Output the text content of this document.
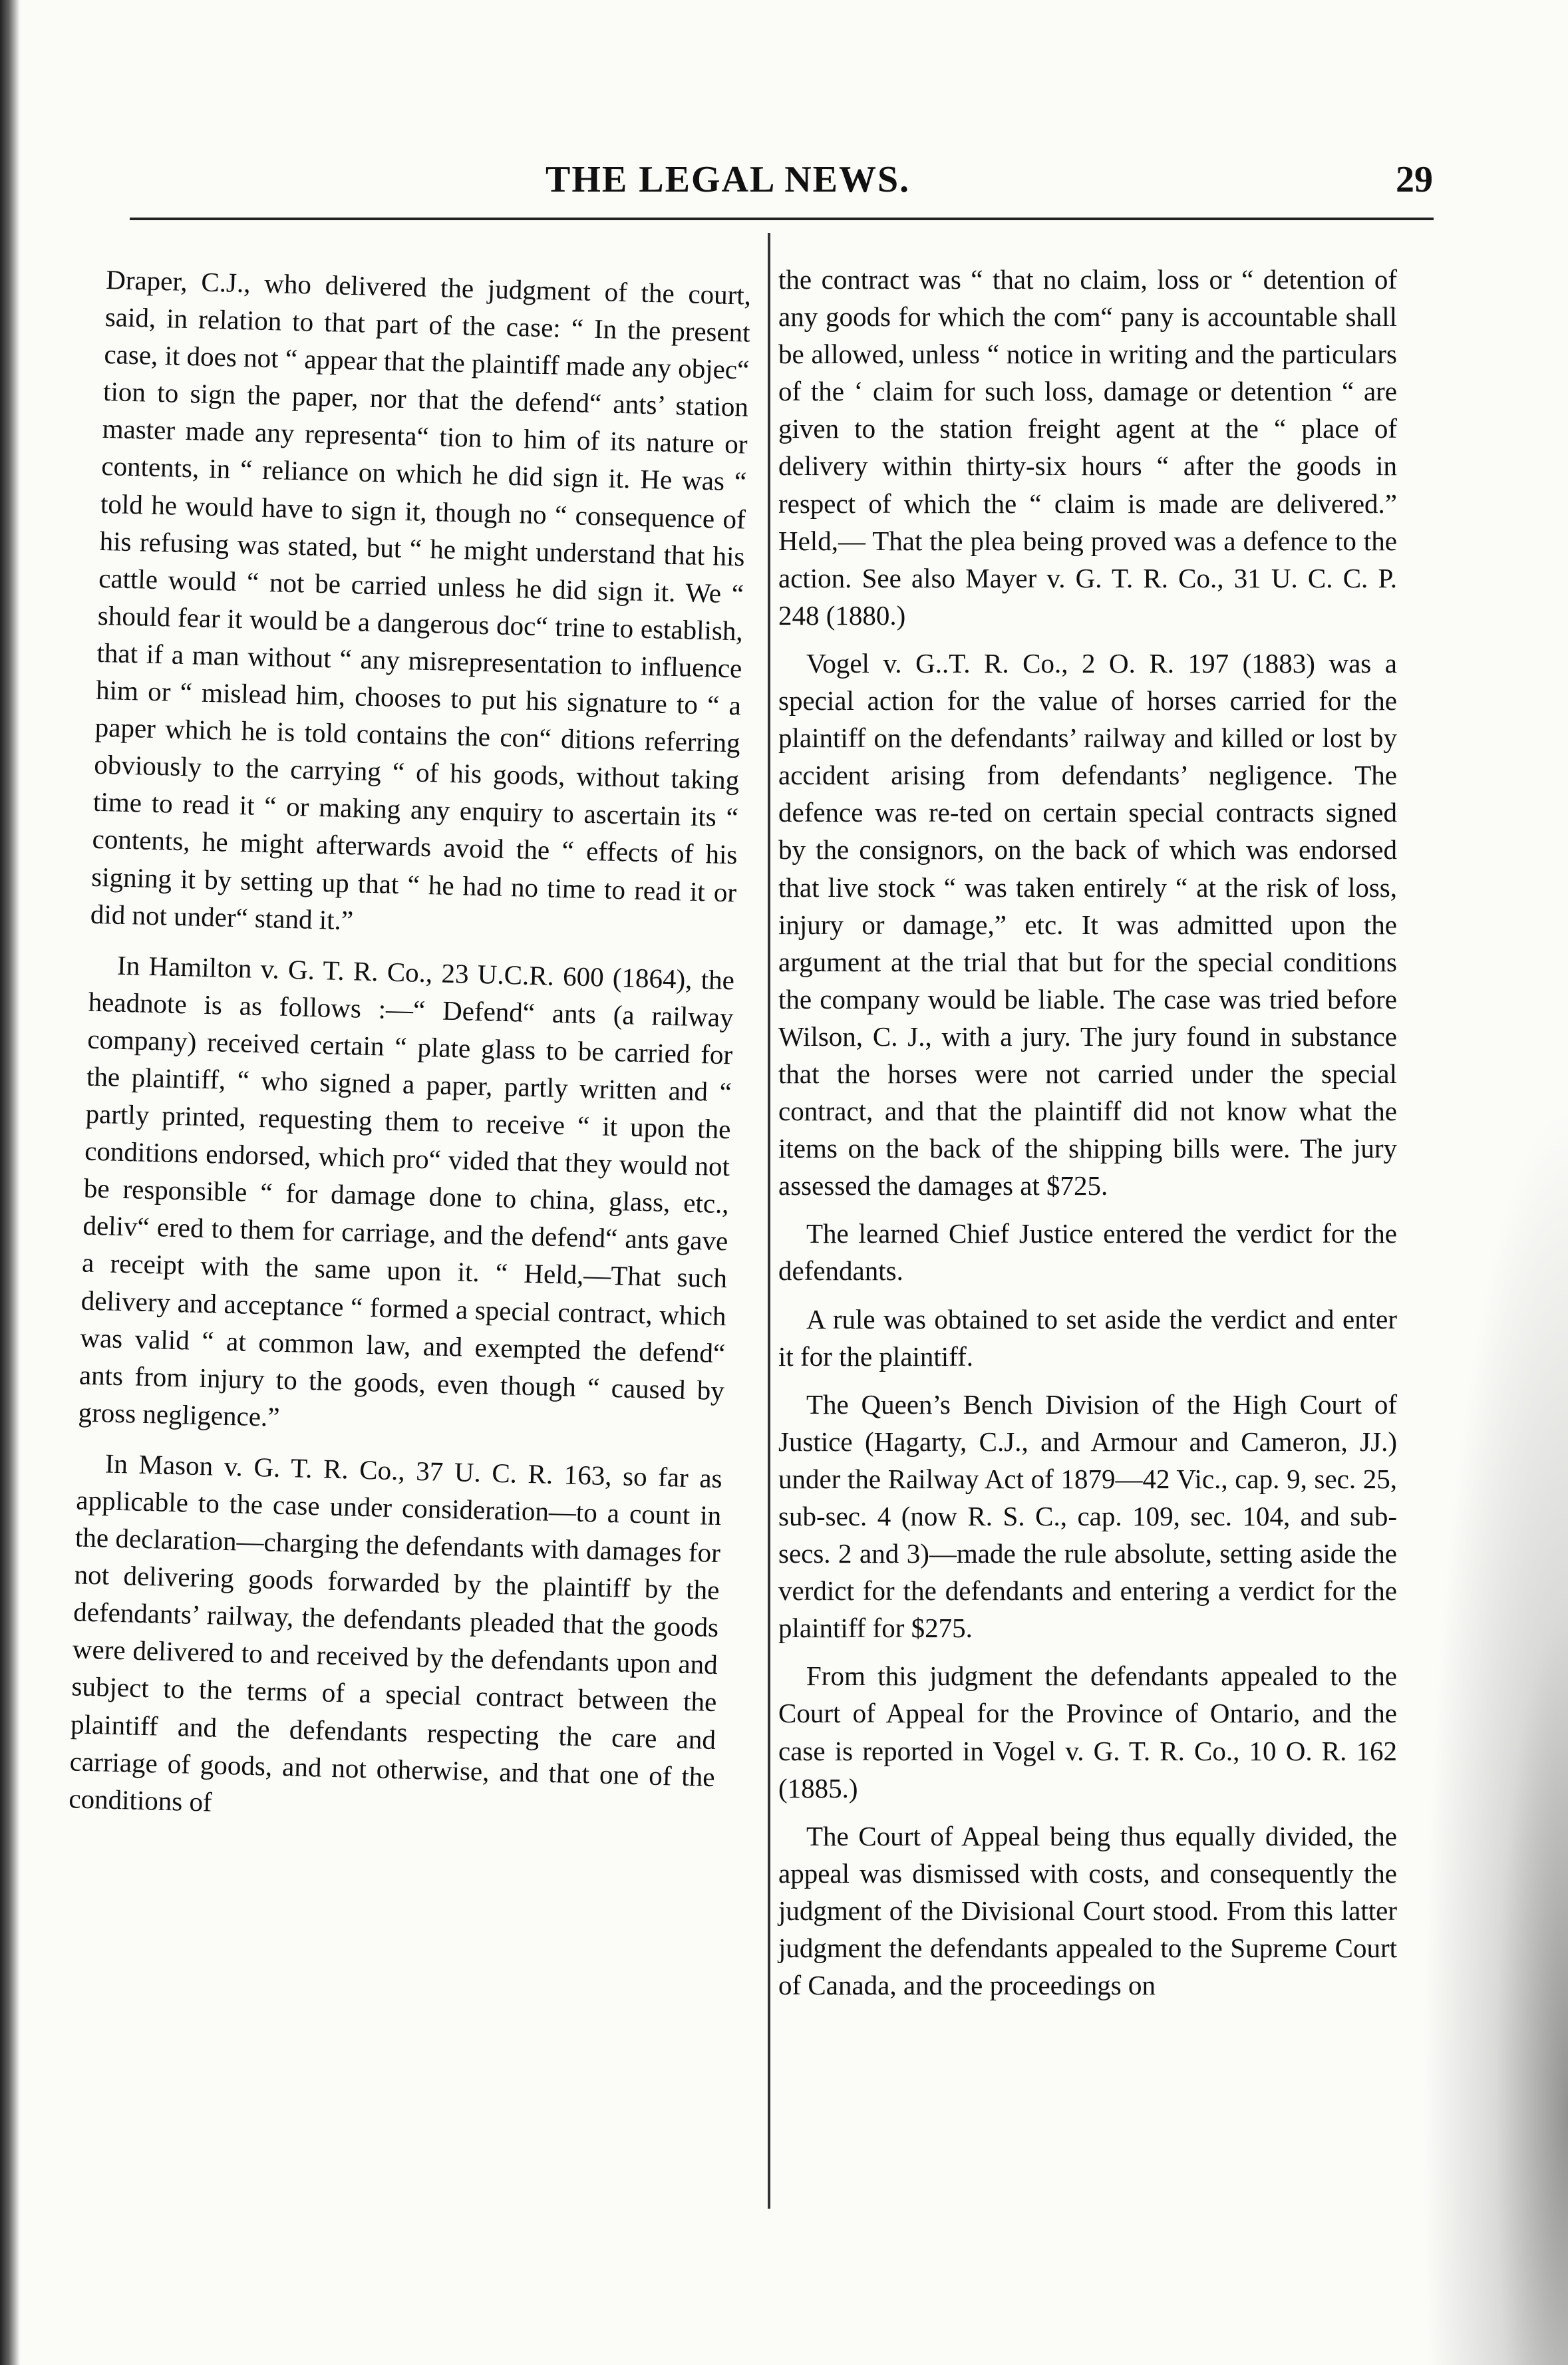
THE LEGAL NEWS.	29

Draper, C.J., who delivered the judgment of the court, said, in relation to that part of the case: “ In the present case, it does not “ appear that the plaintiff made any objec“ tion to sign the paper, nor that the defend“ ants’ station master made any representa“ tion to him of its nature or contents, in “ reliance on which he did sign it. He was “ told he would have to sign it, though no “ consequence of his refusing was stated, but “ he might understand that his cattle would “ not be carried unless he did sign it. We “ should fear it would be a dangerous doc“ trine to establish, that if a man without “ any misrepresentation to influence him or “ mislead him, chooses to put his signature to “ a paper which he is told contains the con“ ditions referring obviously to the carrying “ of his goods, without taking time to read it “ or making any enquiry to ascertain its “ contents, he might afterwards avoid the “ effects of his signing it by setting up that “ he had no time to read it or did not under“ stand it.”

In Hamilton v. G. T. R. Co., 23 U.C.R. 600 (1864), the headnote is as follows :—“ Defend“ ants (a railway company) received certain “ plate glass to be carried for the plaintiff, “ who signed a paper, partly written and “ partly printed, requesting them to receive “ it upon the conditions endorsed, which pro“ vided that they would not be responsible “ for damage done to china, glass, etc., deliv“ ered to them for carriage, and the defend“ ants gave a receipt with the same upon it. “ Held,—That such delivery and acceptance “ formed a special contract, which was valid “ at common law, and exempted the defend“ ants from injury to the goods, even though “ caused by gross negligence.”

In Mason v. G. T. R. Co., 37 U. C. R. 163, so far as applicable to the case under consideration—to a count in the declaration—charging the defendants with damages for not delivering goods forwarded by the plaintiff by the defendants’ railway, the defendants pleaded that the goods were delivered to and received by the defendants upon and subject to the terms of a special contract between the plaintiff and the defendants respecting the care and carriage of goods, and not otherwise, and that one of the conditions of

the contract was “ that no claim, loss or “ detention of any goods for which the com“ pany is accountable shall be allowed, unless “ notice in writing and the particulars of the ‘ claim for such loss, damage or detention “ are given to the station freight agent at the “ place of delivery within thirty-six hours “ after the goods in respect of which the “ claim is made are delivered.” Held,— That the plea being proved was a defence to the action. See also Mayer v. G. T. R. Co., 31 U. C. C. P. 248 (1880.)

Vogel v. G..T. R. Co., 2 O. R. 197 (1883) was a special action for the value of horses carried for the plaintiff on the defendants’ railway and killed or lost by accident arising from defendants’ negligence. The defence was re-ted on certain special contracts signed by the consignors, on the back of which was endorsed that live stock “ was taken entirely “ at the risk of loss, injury or damage,” etc. It was admitted upon the argument at the trial that but for the special conditions the company would be liable. The case was tried before Wilson, C. J., with a jury. The jury found in substance that the horses were not carried under the special contract, and that the plaintiff did not know what the items on the back of the shipping bills were. The jury assessed the damages at $725.

The learned Chief Justice entered the verdict for the defendants.

A rule was obtained to set aside the verdict and enter it for the plaintiff.

The Queen’s Bench Division of the High Court of Justice (Hagarty, C.J., and Armour and Cameron, JJ.) under the Railway Act of 1879—42 Vic., cap. 9, sec. 25, sub-sec. 4 (now R. S. C., cap. 109, sec. 104, and sub-secs. 2 and 3)—made the rule absolute, setting aside the verdict for the defendants and entering a verdict for the plaintiff for $275.

From this judgment the defendants appealed to the Court of Appeal for the Province of Ontario, and the case is reported in Vogel v. G. T. R. Co., 10 O. R. 162 (1885.)

The Court of Appeal being thus equally divided, the appeal was dismissed with costs, and consequently the judgment of the Divisional Court stood. From this latter judgment the defendants appealed to the Supreme Court of Canada, and the proceedings on
